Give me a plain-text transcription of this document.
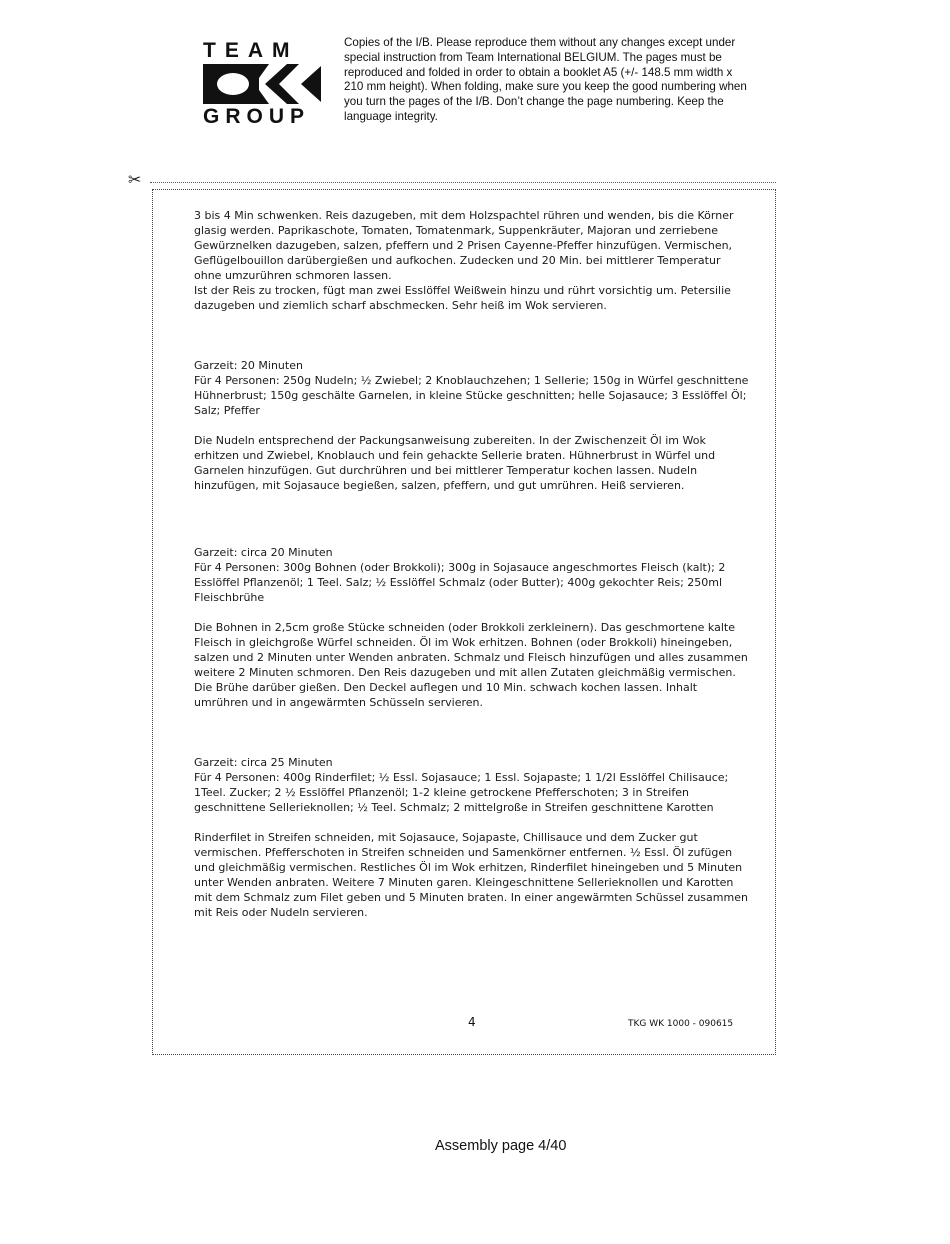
TEAM
GROUP
Copies of the I/B. Please reproduce them without any changes except under special instruction from Team International BELGIUM. The pages must be reproduced and folded in order to obtain a booklet A5 (+/- 148.5 mm width x 210 mm height). When folding, make sure you keep the good numbering when you turn the pages of the I/B. Don’t change the page numbering. Keep the language integrity.
✂

3 bis 4 Min schwenken. Reis dazugeben, mit dem Holzspachtel rühren und wenden, bis die Körner glasig werden. Paprikaschote, Tomaten, Tomatenmark, Suppenkräuter, Majoran und zerriebene Gewürznelken dazugeben, salzen, pfeffern und 2 Prisen Cayenne-Pfeffer hinzufügen. Vermischen, Geflügelbouillon darübergießen und aufkochen. Zudecken und 20 Min. bei mittlerer Temperatur ohne umzurühren schmoren lassen.

Ist der Reis zu trocken, fügt man zwei Esslöffel Weißwein hinzu und rührt vorsichtig um. Petersilie dazugeben und ziemlich scharf abschmecken. Sehr heiß im Wok servieren.

Garzeit: 20 Minuten

Für 4 Personen: 250g Nudeln; ½ Zwiebel; 2 Knoblauchzehen; 1 Sellerie; 150g in Würfel geschnittene Hühnerbrust; 150g geschälte Garnelen, in kleine Stücke geschnitten; helle Sojasauce; 3 Esslöffel Öl; Salz; Pfeffer

Die Nudeln entsprechend der Packungsanweisung zubereiten. In der Zwischenzeit Öl im Wok erhitzen und Zwiebel, Knoblauch und fein gehackte Sellerie braten. Hühnerbrust in Würfel und Garnelen hinzufügen. Gut durchrühren und bei mittlerer Temperatur kochen lassen. Nudeln hinzufügen, mit Sojasauce begießen, salzen, pfeffern, und gut umrühren. Heiß servieren.

Garzeit: circa 20 Minuten

Für 4 Personen: 300g Bohnen (oder Brokkoli); 300g in Sojasauce angeschmortes Fleisch (kalt); 2 Esslöffel Pflanzenöl; 1 Teel. Salz; ½ Esslöffel Schmalz (oder Butter); 400g gekochter Reis; 250ml Fleischbrühe

Die Bohnen in 2,5cm große Stücke schneiden (oder Brokkoli zerkleinern). Das geschmortene kalte Fleisch in gleichgroße Würfel schneiden. Öl im Wok erhitzen. Bohnen (oder Brokkoli) hineingeben, salzen und 2 Minuten unter Wenden anbraten. Schmalz und Fleisch hinzufügen und alles zusammen weitere 2 Minuten schmoren. Den Reis dazugeben und mit allen Zutaten gleichmäßig vermischen. Die Brühe darüber gießen. Den Deckel auflegen und 10 Min. schwach kochen lassen. Inhalt umrühren und in angewärmten Schüsseln servieren.

Garzeit: circa 25 Minuten

Für 4 Personen: 400g Rinderfilet; ½ Essl. Sojasauce; 1 Essl. Sojapaste; 1 1/2l Esslöffel Chilisauce; 1Teel. Zucker; 2 ½ Esslöffel Pflanzenöl; 1-2 kleine getrockene Pfefferschoten; 3 in Streifen geschnittene Sellerieknollen; ½ Teel. Schmalz; 2 mittelgroße in Streifen geschnittene Karotten

Rinderfilet in Streifen schneiden, mit Sojasauce, Sojapaste, Chillisauce und dem Zucker gut vermischen. Pfefferschoten in Streifen schneiden und Samenkörner entfernen. ½ Essl. Öl zufügen und gleichmäßig vermischen. Restliches Öl im Wok erhitzen, Rinderfilet hineingeben und 5 Minuten unter Wenden anbraten. Weitere 7 Minuten garen. Kleingeschnittene Sellerieknollen und Karotten mit dem Schmalz zum Filet geben und 5 Minuten braten. In einer angewärmten Schüssel zusammen mit Reis oder Nudeln servieren.

4	TKG WK 1000 - 090615
Assembly page 4/40
